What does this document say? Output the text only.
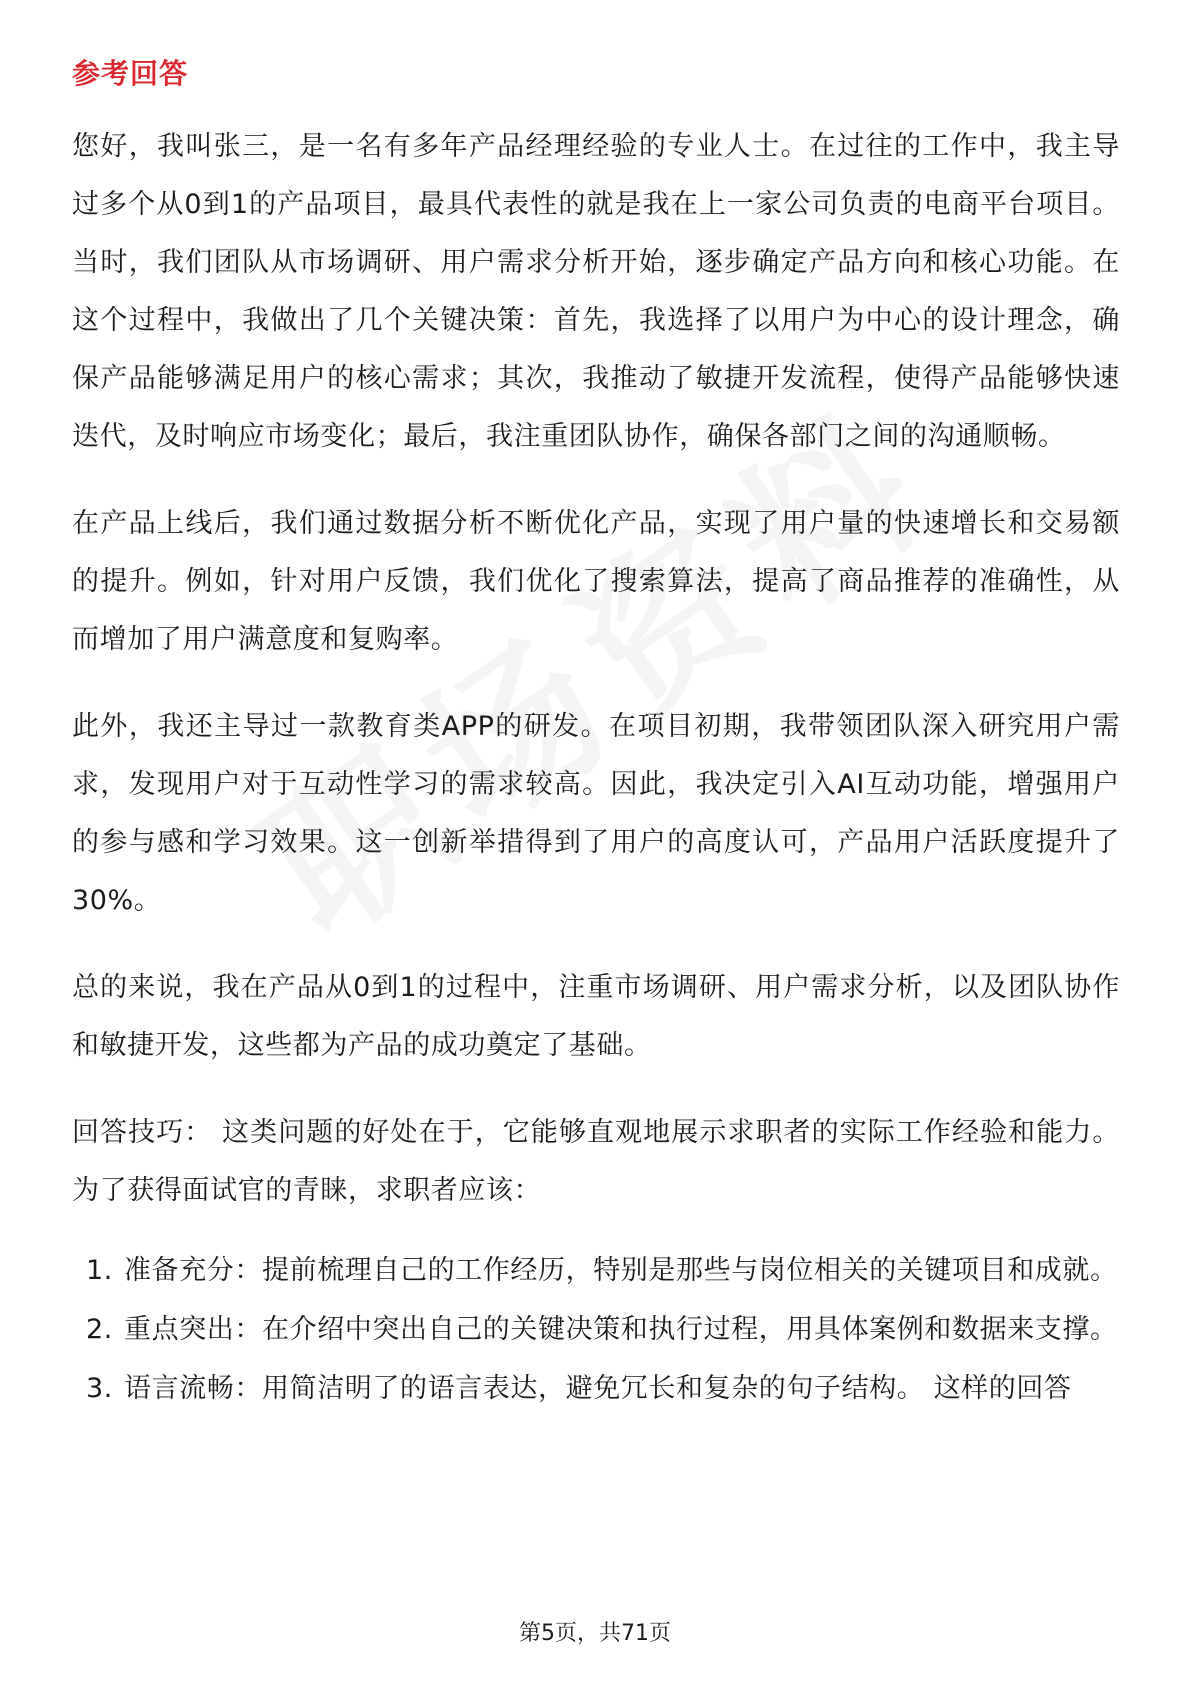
参考回答

您好，我叫张三，是一名有多年产品经理经验的专业人士。在过往的工作中，我主导过多个从0到1的产品项目，最具代表性的就是我在上一家公司负责的电商平台项目。当时，我们团队从市场调研、用户需求分析开始，逐步确定产品方向和核心功能。在这个过程中，我做出了几个关键决策：首先，我选择了以用户为中心的设计理念，确保产品能够满足用户的核心需求；其次，我推动了敏捷开发流程，使得产品能够快速迭代，及时响应市场变化；最后，我注重团队协作，确保各部门之间的沟通顺畅。

在产品上线后，我们通过数据分析不断优化产品，实现了用户量的快速增长和交易额的提升。例如，针对用户反馈，我们优化了搜索算法，提高了商品推荐的准确性，从而增加了用户满意度和复购率。

此外，我还主导过一款教育类APP的研发。在项目初期，我带领团队深入研究用户需求，发现用户对于互动性学习的需求较高。因此，我决定引入AI互动功能，增强用户的参与感和学习效果。这一创新举措得到了用户的高度认可，产品用户活跃度提升了30%。

总的来说，我在产品从0到1的过程中，注重市场调研、用户需求分析，以及团队协作和敏捷开发，这些都为产品的成功奠定了基础。

回答技巧： 这类问题的好处在于，它能够直观地展示求职者的实际工作经验和能力。为了获得面试官的青睐，求职者应该：

1. 准备充分：提前梳理自己的工作经历，特别是那些与岗位相关的关键项目和成就。
2. 重点突出：在介绍中突出自己的关键决策和执行过程，用具体案例和数据来支撑。
3. 语言流畅：用简洁明了的语言表达，避免冗长和复杂的句子结构。 这样的回答
第5页，共71页
